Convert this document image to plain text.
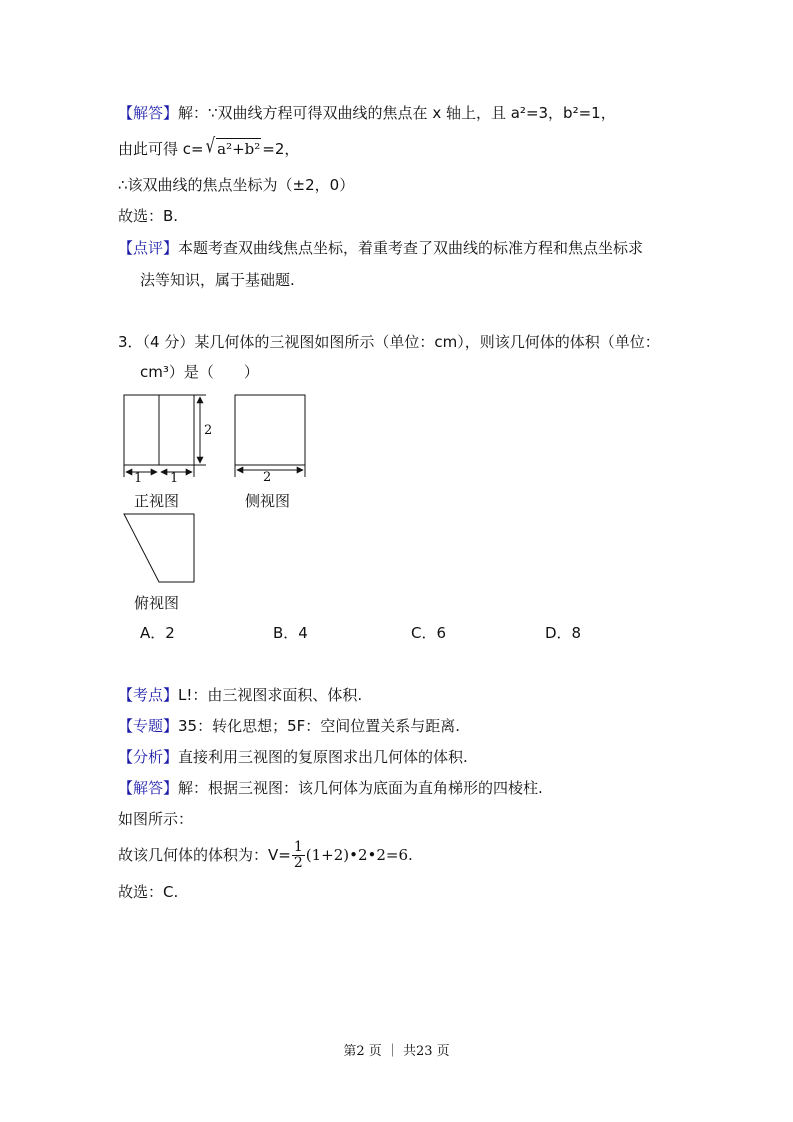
【解答】解：∵双曲线方程可得双曲线的焦点在 x 轴上，且 a²=3，b²=1，
由此可得 c= √ a²+b² =2，
∴该双曲线的焦点坐标为（±2，0）
故选：B.
【点评】本题考查双曲线焦点坐标，着重考查了双曲线的标准方程和焦点坐标求
法等知识，属于基础题.
3．（4 分）某几何体的三视图如图所示（单位：cm），则该几何体的体积（单位：
cm³）是（　　）
1 1
2
2
正视图	侧视图
俯视图
A．2	B．4	C．6	D．8
【考点】L!：由三视图求面积、体积.
【专题】35：转化思想；5F：空间位置关系与距离.
【分析】直接利用三视图的复原图求出几何体的体积.
【解答】解：根据三视图：该几何体为底面为直角梯形的四棱柱.
如图所示：
故该几何体的体积为：$V= \frac{1}{2}$ (1+2)•2•2=6.
故选：C.
第2 页 ｜ 共23 页
